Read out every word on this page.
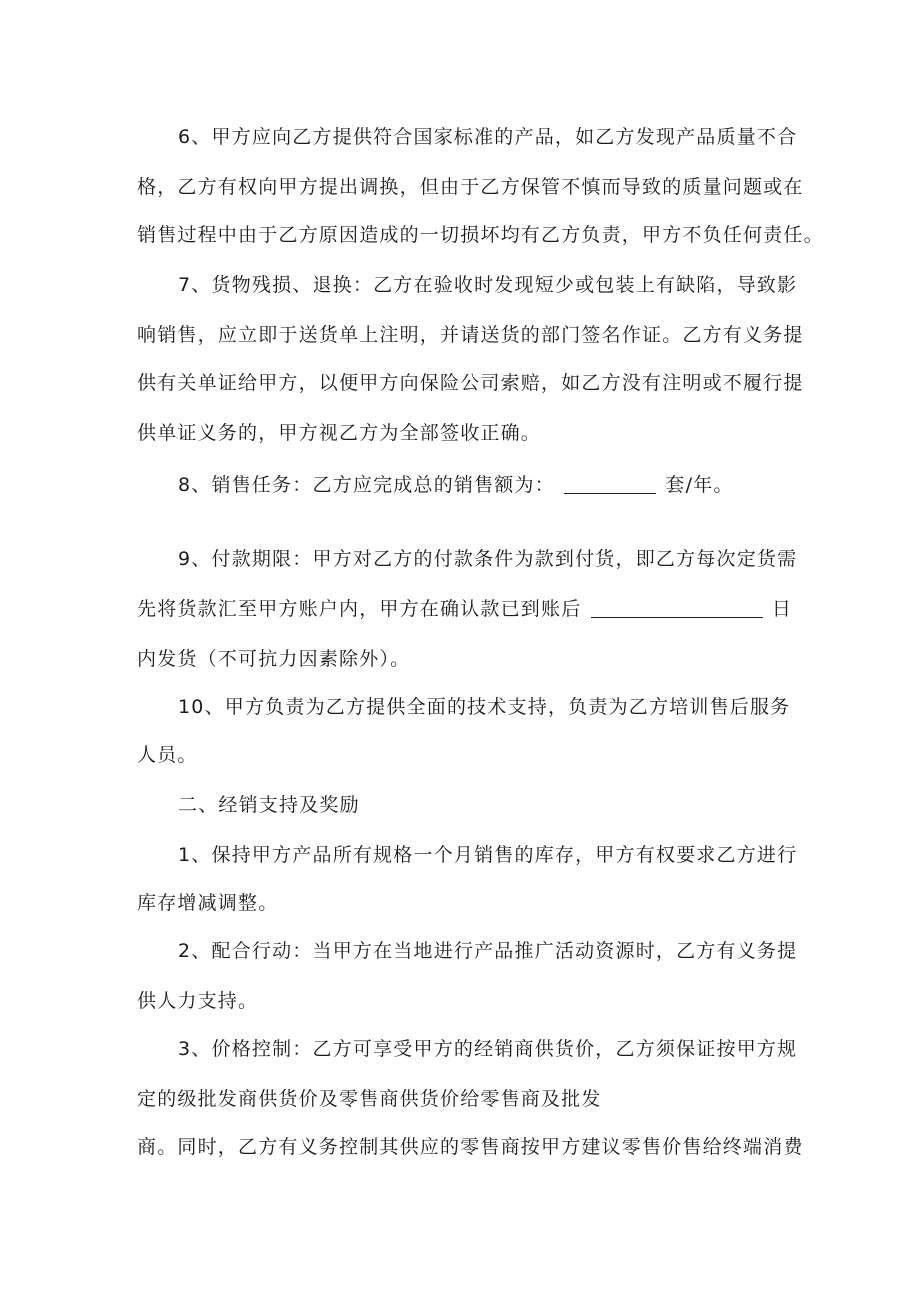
6、甲方应向乙方提供符合国家标准的产品，如乙方发现产品质量不合
格，乙方有权向甲方提出调换，但由于乙方保管不慎而导致的质量问题或在
销售过程中由于乙方原因造成的一切损坏均有乙方负责，甲方不负任何责任。
7、货物残损、退换：乙方在验收时发现短少或包装上有缺陷，导致影
响销售，应立即于送货单上注明，并请送货的部门签名作证。乙方有义务提
供有关单证给甲方，以便甲方向保险公司索赔，如乙方没有注明或不履行提
供单证义务的，甲方视乙方为全部签收正确。
8、销售任务：乙方应完成总的销售额为：	套/年。
9、付款期限：甲方对乙方的付款条件为款到付货，即乙方每次定货需
先将货款汇至甲方账户内，甲方在确认款已到账后	日
内发货（不可抗力因素除外）。
10、甲方负责为乙方提供全面的技术支持，负责为乙方培训售后服务
人员。
二、经销支持及奖励
1、保持甲方产品所有规格一个月销售的库存，甲方有权要求乙方进行
库存增减调整。
2、配合行动：当甲方在当地进行产品推广活动资源时，乙方有义务提
供人力支持。
3、价格控制：乙方可享受甲方的经销商供货价，乙方须保证按甲方规
定的级批发商供货价及零售商供货价给零售商及批发
商。同时，乙方有义务控制其供应的零售商按甲方建议零售价售给终端消费
